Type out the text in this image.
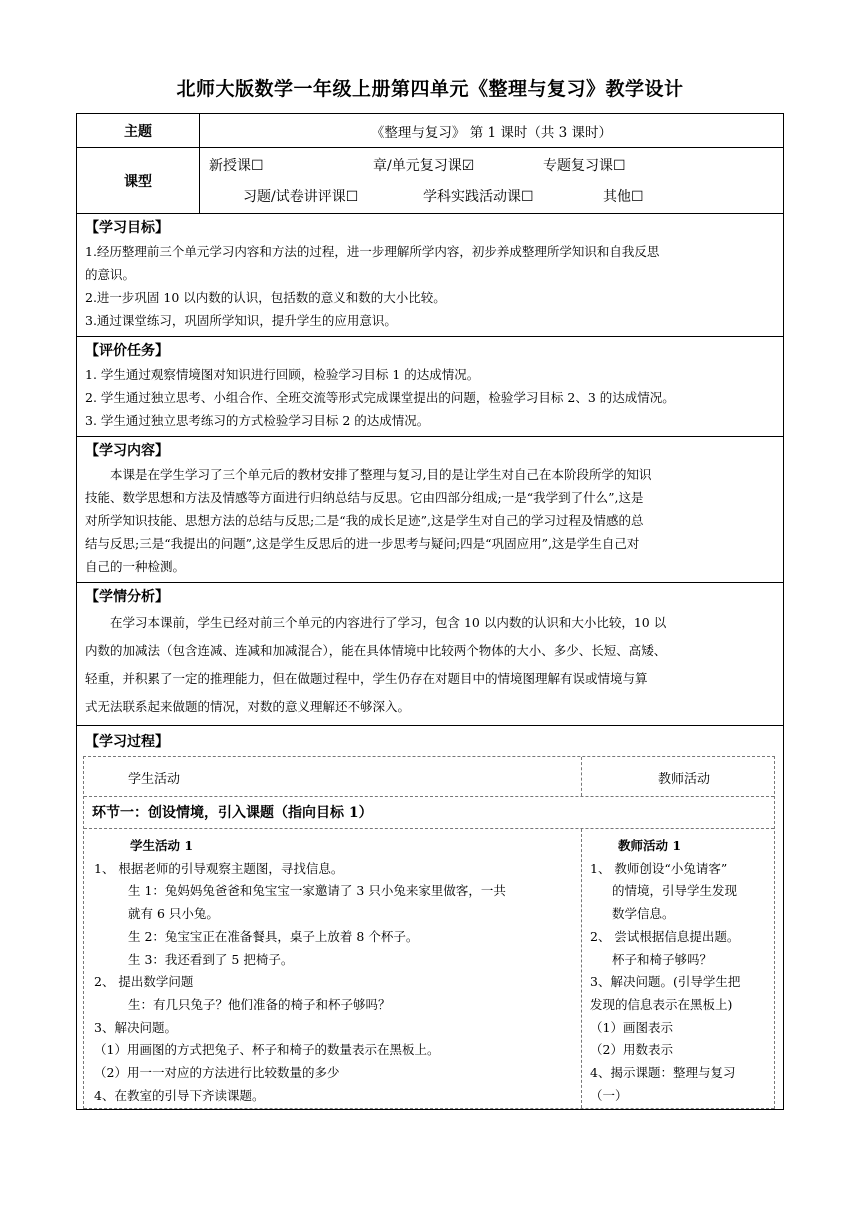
北师大版数学一年级上册第四单元《整理与复习》教学设计
主题	《整理与复习》 第 1 课时（共 3 课时）
课型
新授课☐	章/单元复习课☑	专题复习课☐
习题/试卷讲评课☐	学科实践活动课☐	其他☐
【学习目标】
1.经历整理前三个单元学习内容和方法的过程，进一步理解所学内容，初步养成整理所学知识和自我反思
的意识。
2.进一步巩固 10 以内数的认识，包括数的意义和数的大小比较。
3.通过课堂练习，巩固所学知识，提升学生的应用意识。
【评价任务】
1. 学生通过观察情境图对知识进行回顾，检验学习目标 1 的达成情况。
2. 学生通过独立思考、小组合作、全班交流等形式完成课堂提出的问题，检验学习目标 2、3 的达成情况。
3. 学生通过独立思考练习的方式检验学习目标 2 的达成情况。
【学习内容】
本课是在学生学习了三个单元后的教材安排了整理与复习,目的是让学生对自己在本阶段所学的知识
技能、数学思想和方法及情感等方面进行归纳总结与反思。它由四部分组成;一是“我学到了什么”,这是
对所学知识技能、思想方法的总结与反思;二是“我的成长足迹”,这是学生对自己的学习过程及情感的总
结与反思;三是“我提出的问题”,这是学生反思后的进一步思考与疑问;四是“巩固应用”,这是学生自己对
自己的一种检测。
【学情分析】
在学习本课前，学生已经对前三个单元的内容进行了学习，包含 10 以内数的认识和大小比较，10 以
内数的加减法（包含连减、连减和加减混合），能在具体情境中比较两个物体的大小、多少、长短、高矮、
轻重，并积累了一定的推理能力，但在做题过程中，学生仍存在对题目中的情境图理解有误或情境与算
式无法联系起来做题的情况，对数的意义理解还不够深入。
【学习过程】
学生活动	教师活动
环节一：创设情境，引入课题（指向目标 1）
学生活动 1
1、 根据老师的引导观察主题图，寻找信息。
生 1：兔妈妈兔爸爸和兔宝宝一家邀请了 3 只小兔来家里做客，一共
就有 6 只小兔。
生 2：兔宝宝正在准备餐具，桌子上放着 8 个杯子。
生 3：我还看到了 5 把椅子。
2、 提出数学问题
生：有几只兔子？他们准备的椅子和杯子够吗？
3、解决问题。
（1）用画图的方式把兔子、杯子和椅子的数量表示在黑板上。
（2）用一一对应的方法进行比较数量的多少
4、在教室的引导下齐读课题。
教师活动 1
1、 教师创设“小兔请客”
的情境，引导学生发现
数学信息。
2、 尝试根据信息提出题。
杯子和椅子够吗？
3、解决问题。(引导学生把
发现的信息表示在黑板上)
（1）画图表示
（2）用数表示
4、揭示课题：整理与复习
（一）
